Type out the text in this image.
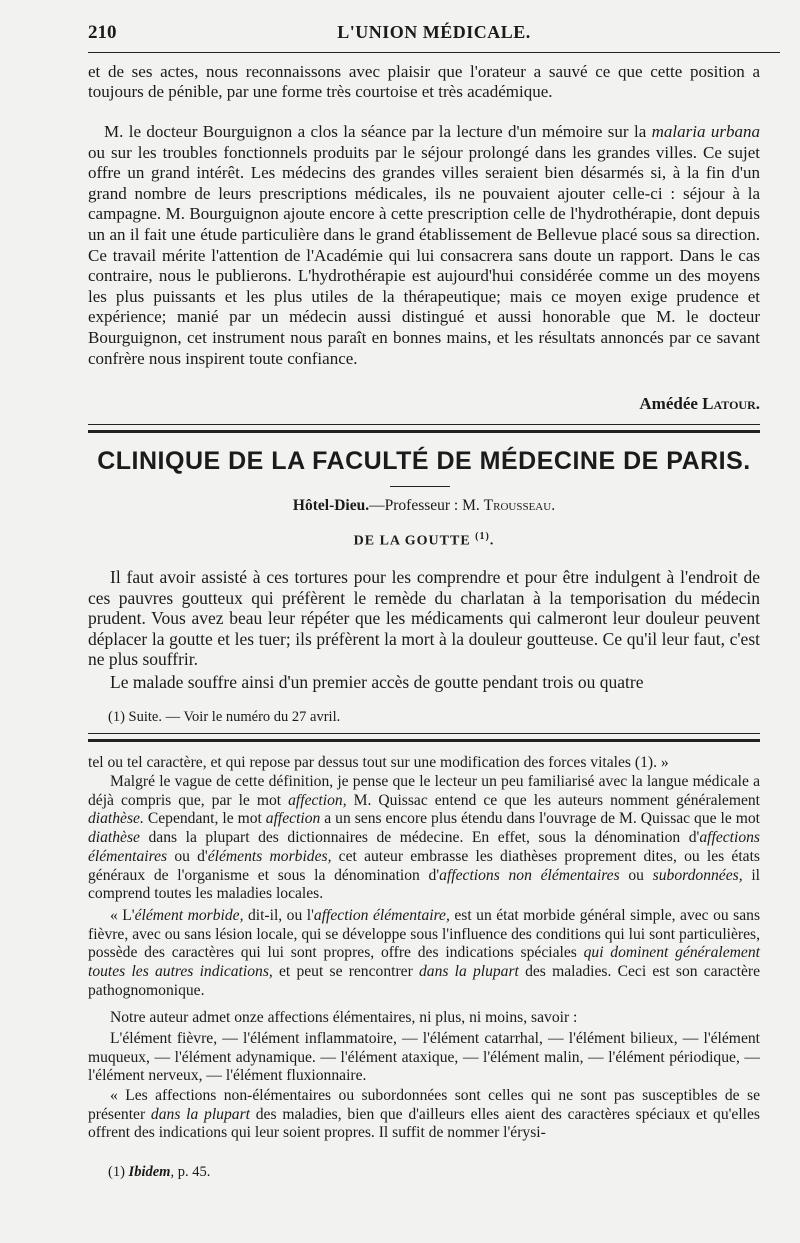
210	L'UNION MÉDICALE.
et de ses actes, nous reconnaissons avec plaisir que l'orateur a sauvé ce que cette position a toujours de pénible, par une forme très courtoise et très académique.
M. le docteur Bourguignon a clos la séance par la lecture d'un mémoire sur la malaria urbana ou sur les troubles fonctionnels produits par le séjour prolongé dans les grandes villes. Ce sujet offre un grand intérêt. Les médecins des grandes villes seraient bien désarmés si, à la fin d'un grand nombre de leurs prescriptions médicales, ils ne pouvaient ajouter celle-ci : séjour à la campagne. M. Bourguignon ajoute encore à cette prescription celle de l'hydrothérapie, dont depuis un an il fait une étude particulière dans le grand établissement de Bellevue placé sous sa direction. Ce travail mérite l'attention de l'Académie qui lui consacrera sans doute un rapport. Dans le cas contraire, nous le publierons. L'hydrothérapie est aujourd'hui considérée comme un des moyens les plus puissants et les plus utiles de la thérapeutique; mais ce moyen exige prudence et expérience; manié par un médecin aussi distingué et aussi honorable que M. le docteur Bourguignon, cet instrument nous paraît en bonnes mains, et les résultats annoncés par ce savant confrère nous inspirent toute confiance.
Amédée Latour.
CLINIQUE DE LA FACULTÉ DE MÉDECINE DE PARIS.
Hôtel-Dieu.—Professeur : M. Trousseau.
DE LA GOUTTE $^{(1)}$.
Il faut avoir assisté à ces tortures pour les comprendre et pour être indulgent à l'endroit de ces pauvres goutteux qui préfèrent le remède du charlatan à la temporisation du médecin prudent. Vous avez beau leur répéter que les médicaments qui calmeront leur douleur peuvent déplacer la goutte et les tuer; ils préfèrent la mort à la douleur goutteuse. Ce qu'il leur faut, c'est ne plus souffrir.
Le malade souffre ainsi d'un premier accès de goutte pendant trois ou quatre
(1) Suite. — Voir le numéro du 27 avril.
tel ou tel caractère, et qui repose par dessus tout sur une modification des forces vitales (1). »
Malgré le vague de cette définition, je pense que le lecteur un peu familiarisé avec la langue médicale a déjà compris que, par le mot affection, M. Quissac entend ce que les auteurs nomment généralement diathèse. Cependant, le mot affection a un sens encore plus étendu dans l'ouvrage de M. Quissac que le mot diathèse dans la plupart des dictionnaires de médecine. En effet, sous la dénomination d'affections élémentaires ou d'éléments morbides, cet auteur embrasse les diathèses proprement dites, ou les états généraux de l'organisme et sous la dénomination d'affections non élémentaires ou subordonnées, il comprend toutes les maladies locales.
« L'élément morbide, dit-il, ou l'affection élémentaire, est un état morbide général simple, avec ou sans fièvre, avec ou sans lésion locale, qui se développe sous l'influence des conditions qui lui sont particulières, possède des caractères qui lui sont propres, offre des indications spéciales qui dominent généralement toutes les autres indications, et peut se rencontrer dans la plupart des maladies. Ceci est son caractère pathognomonique.
Notre auteur admet onze affections élémentaires, ni plus, ni moins, savoir :
L'élément fièvre, — l'élément inflammatoire, — l'élément catarrhal, — l'élément bilieux, — l'élément muqueux, — l'élément adynamique. — l'élément ataxique, — l'élément malin, — l'élément périodique, — l'élément nerveux, — l'élément fluxionnaire.
« Les affections non-élémentaires ou subordonnées sont celles qui ne sont pas susceptibles de se présenter dans la plupart des maladies, bien que d'ailleurs elles aient des caractères spéciaux et qu'elles offrent des indications qui leur soient propres. Il suffit de nommer l'érysi-
(1) Ibidem, p. 45.
